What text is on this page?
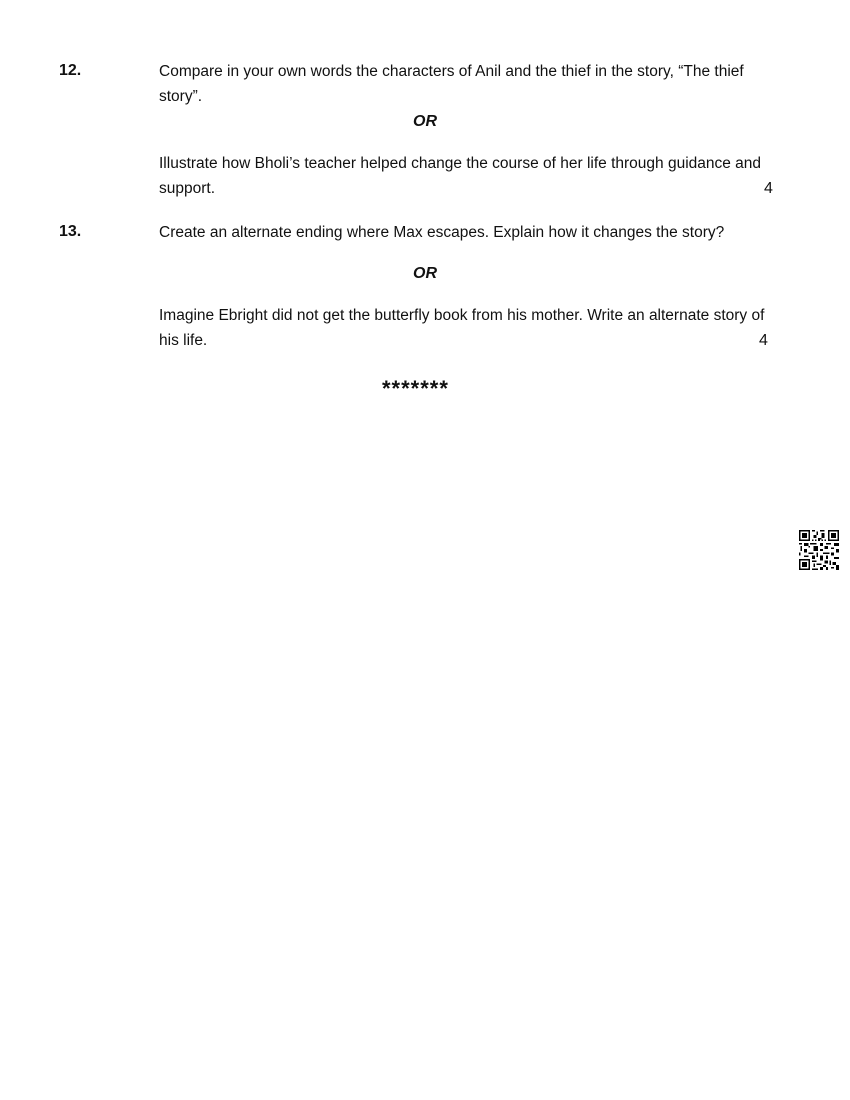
12.	Compare in your own words the characters of Anil and the thief in the story, “The thief story”.

OR

Illustrate how Bholi’s teacher helped change the course of her life through guidance and support.	4
13.	Create an alternate ending where Max escapes. Explain how it changes the story?

OR

Imagine Ebright did not get the butterfly book from his mother. Write an alternate story of his life.	4
*******
